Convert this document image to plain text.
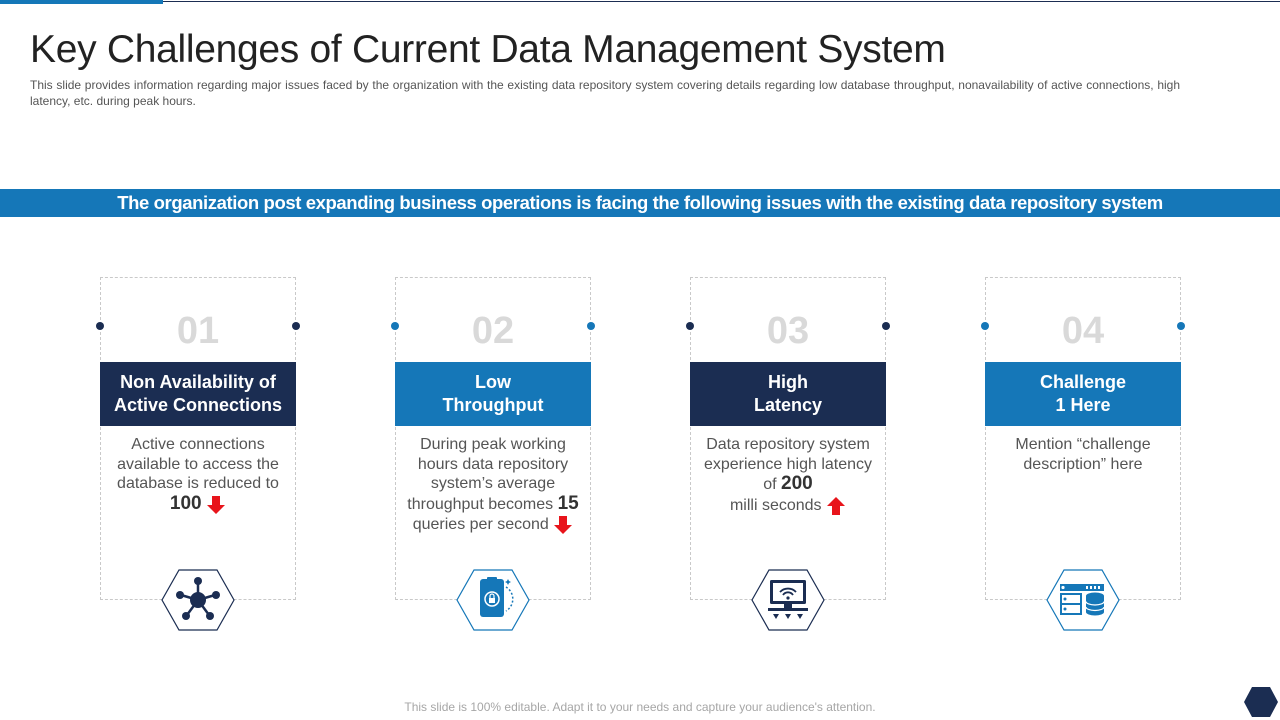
Key Challenges of Current Data Management System

This slide provides information regarding major issues faced by the organization with the existing data repository system covering details regarding low database throughput, nonavailability of active connections, high latency, etc. during peak hours.

The organization post expanding business operations is facing the following issues with the existing data repository system
01
Non Availability of
Active Connections
Active connections available to access the database is reduced to
100
02
Low
Throughput
During peak working hours data repository system’s average throughput becomes 15
queries per second
03
High
Latency
Data repository system experience high latency of 200
milli seconds
04
Challenge
1 Here
Mention “challenge description” here
This slide is 100% editable. Adapt it to your needs and capture your audience's attention.
